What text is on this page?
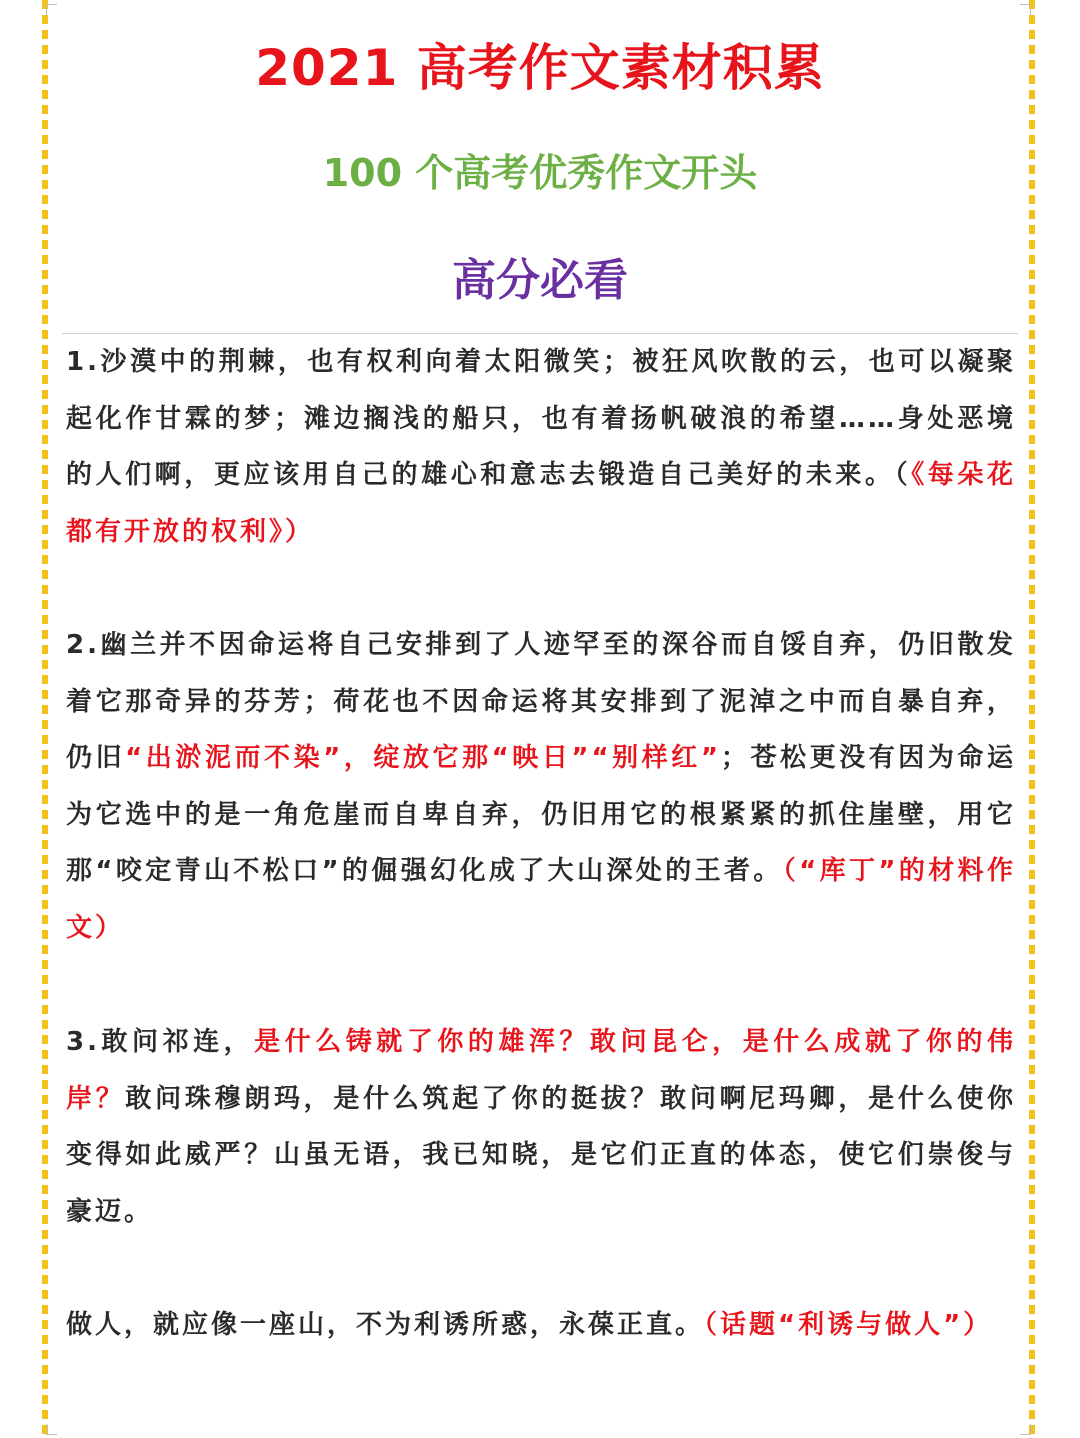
2021 高考作文素材积累
100 个高考优秀作文开头
高分必看

1.沙漠中的荆棘，也有权利向着太阳微笑；被狂风吹散的云，也可以凝聚起化作甘霖的梦；滩边搁浅的船只，也有着扬帆破浪的希望……身处恶境的人们啊，更应该用自己的雄心和意志去锻造自己美好的未来。（《每朵花都有开放的权利》）

2.幽兰并不因命运将自己安排到了人迹罕至的深谷而自馁自弃，仍旧散发着它那奇异的芬芳；荷花也不因命运将其安排到了泥淖之中而自暴自弃，仍旧“出淤泥而不染”，绽放它那“映日”“别样红”；苍松更没有因为命运为它选中的是一角危崖而自卑自弃，仍旧用它的根紧紧的抓住崖壁，用它那“咬定青山不松口”的倔强幻化成了大山深处的王者。（“库丁”的材料作文）

3.敢问祁连，是什么铸就了你的雄浑？敢问昆仑，是什么成就了你的伟岸？敢问珠穆朗玛，是什么筑起了你的挺拔？敢问啊尼玛卿，是什么使你变得如此威严？山虽无语，我已知晓，是它们正直的体态，使它们崇俊与豪迈。

做人，就应像一座山，不为利诱所惑，永葆正直。（话题“利诱与做人”）
